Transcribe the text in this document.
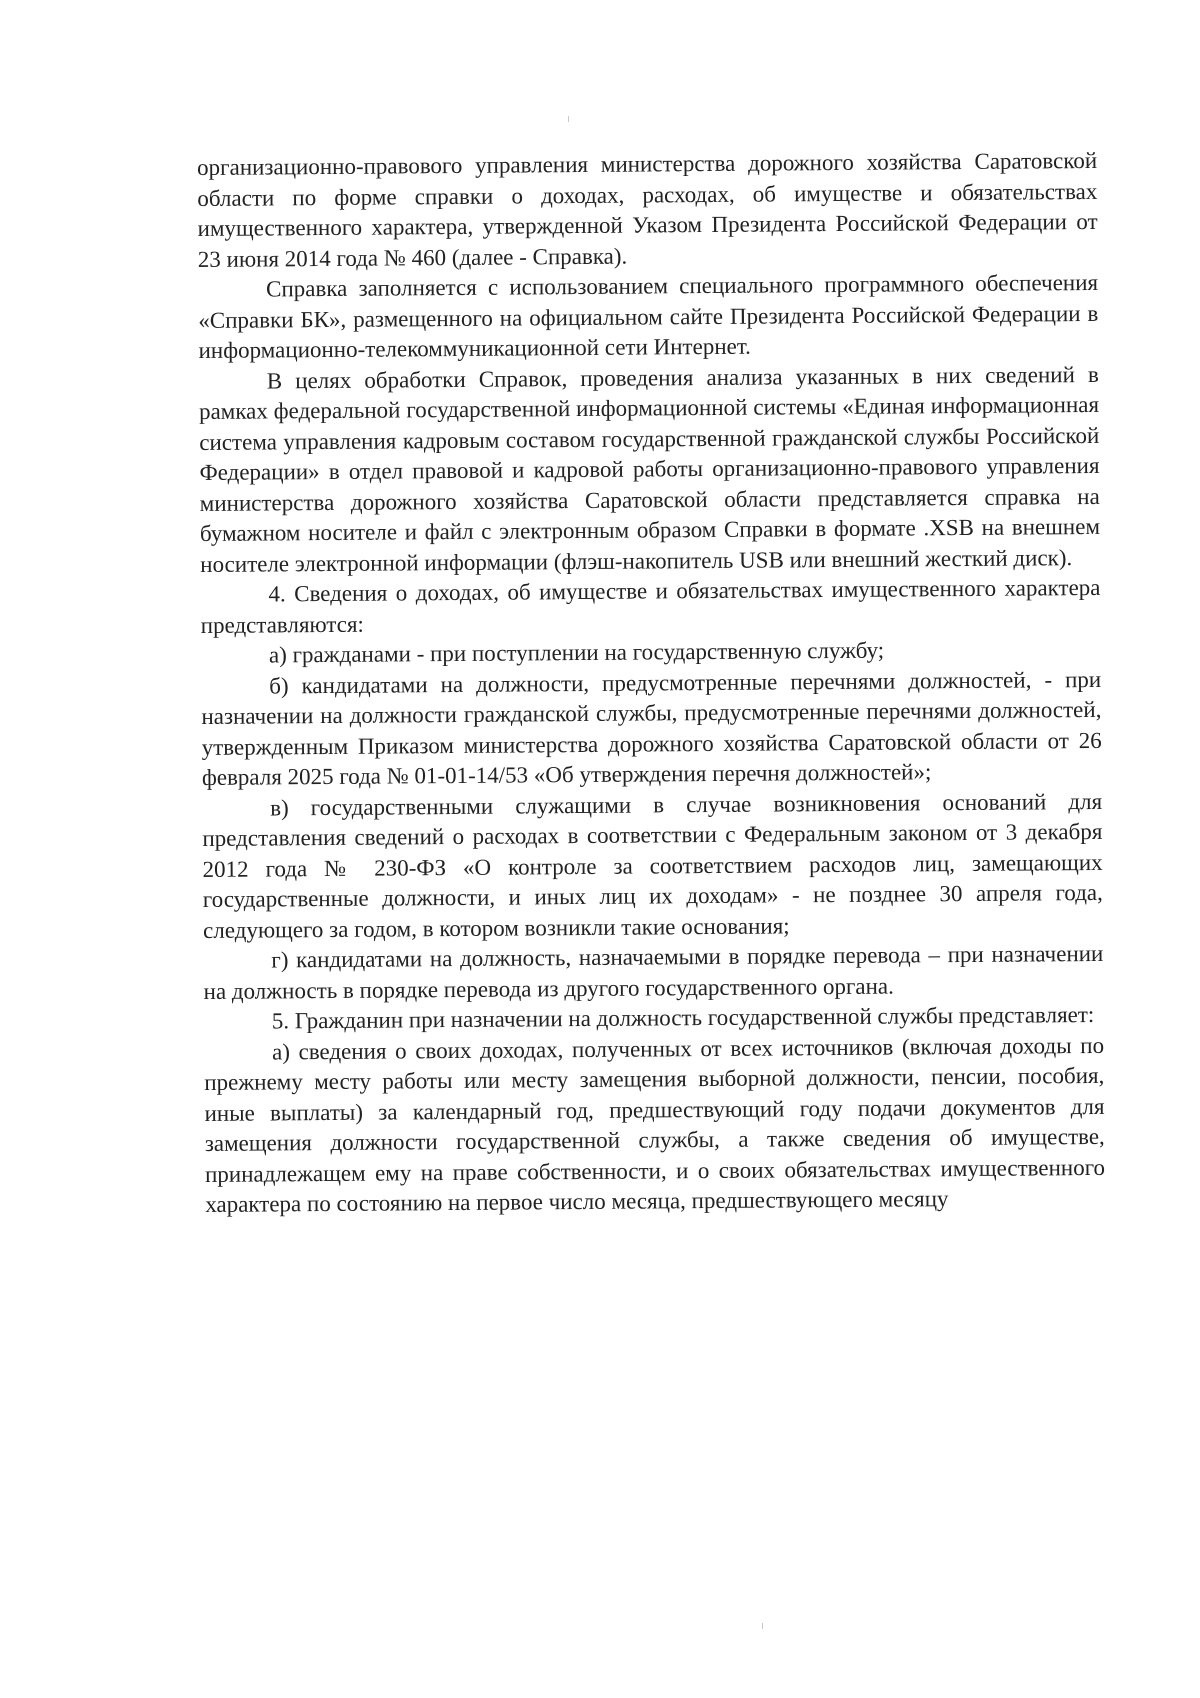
организационно-правового управления министерства дорожного хозяйства Саратовской области по форме справки о доходах, расходах, об имуществе и обязательствах имущественного характера, утвержденной Указом Президента Российской Федерации от 23 июня 2014 года № 460 (далее - Справка).

Справка заполняется с использованием специального программного обеспечения «Справки БК», размещенного на официальном сайте Президента Российской Федерации в информационно-телекоммуникационной сети Интернет.

В целях обработки Справок, проведения анализа указанных в них сведений в рамках федеральной государственной информационной системы «Единая информационная система управления кадровым составом государственной гражданской службы Российской Федерации» в отдел правовой и кадровой работы организационно-правового управления министерства дорожного хозяйства Саратовской области представляется справка на бумажном носителе и файл с электронным образом Справки в формате .XSB на внешнем носителе электронной информации (флэш-накопитель USB или внешний жесткий диск).

4. Сведения о доходах, об имуществе и обязательствах имущественного характера представляются:

а) гражданами - при поступлении на государственную службу;

б) кандидатами на должности, предусмотренные перечнями должностей, - при назначении на должности гражданской службы, предусмотренные перечнями должностей, утвержденным Приказом министерства дорожного хозяйства Саратовской области от 26 февраля 2025 года № 01-01-14/53 «Об утверждения перечня должностей»;

в) государственными служащими в случае возникновения оснований для представления сведений о расходах в соответствии с Федеральным законом от 3 декабря 2012 года № 230-ФЗ «О контроле за соответствием расходов лиц, замещающих государственные должности, и иных лиц их доходам» - не позднее 30 апреля года, следующего за годом, в котором возникли такие основания;

г) кандидатами на должность, назначаемыми в порядке перевода – при назначении на должность в порядке перевода из другого государственного органа.

5. Гражданин при назначении на должность государственной службы представляет:

а) сведения о своих доходах, полученных от всех источников (включая доходы по прежнему месту работы или месту замещения выборной должности, пенсии, пособия, иные выплаты) за календарный год, предшествующий году подачи документов для замещения должности государственной службы, а также сведения об имуществе, принадлежащем ему на праве собственности, и о своих обязательствах имущественного характера по состоянию на первое число месяца, предшествующего месяцу
